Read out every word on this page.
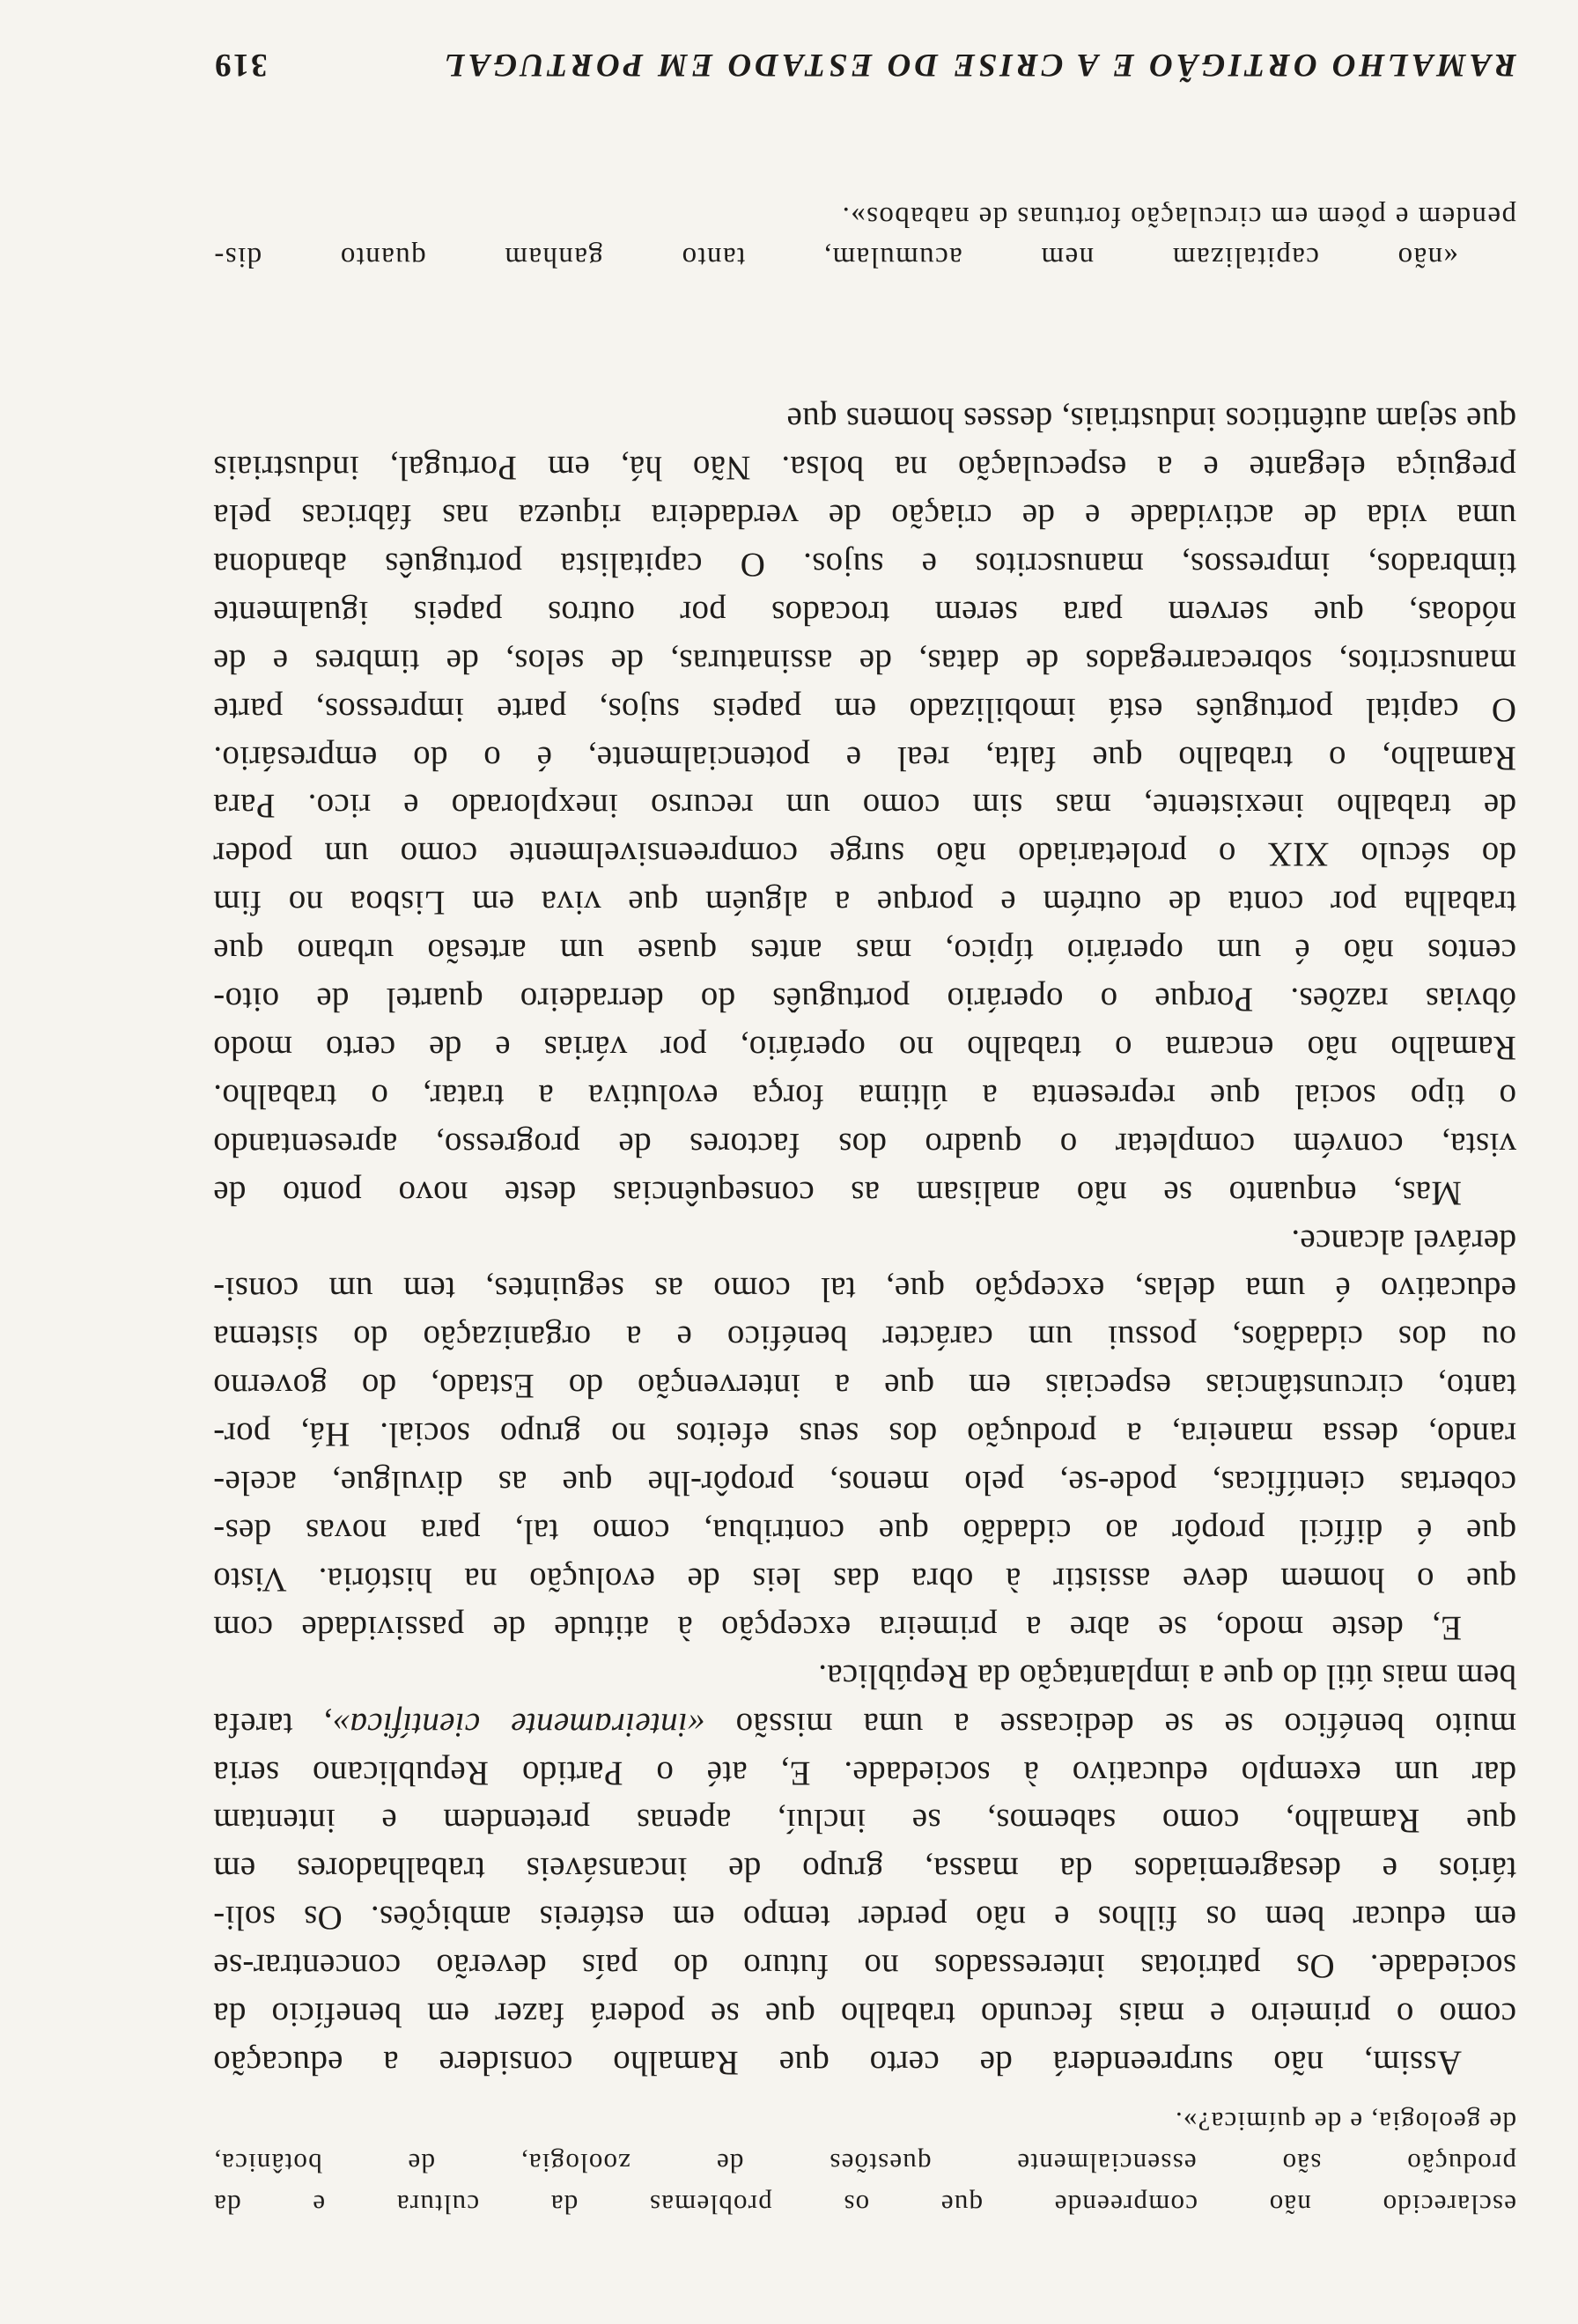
RAMALHO ORTIGÃO E A CRISE DO ESTADO EM PORTUGAL
319
esclarecido não compreende que os problemas da cultura e da
produção são essencialmente questões de zoologia, de botânica,
de geologia, e de química?».

Assim, não surpreenderá de certo que Ramalho considere a educação
como o primeiro e mais fecundo trabalho que se poderá fazer em benefício da
sociedade. Os patriotas interessados no futuro do país deverão concentrar-se
em educar bem os filhos e não perder tempo em estéreis ambições. Os soli-
tários e desagremiados da massa, grupo de incansáveis trabalhadores em
que Ramalho, como sabemos, se incluí, apenas pretendem e intentam
dar um exemplo educativo à sociedade. E, até o Partido Republicano seria
muito benéfico se se dedicasse a uma missão «inteiramente científica», tarefa
bem mais útil do que a implantação da República.

E, deste modo, se abre a primeira excepção à atitude de passividade com
que o homem deve assistir à obra das leis de evolução na história. Visto
que é difícil propôr ao cidadão que contribua, como tal, para novas des-
cobertas científicas, pode-se, pelo menos, propôr-lhe que as divulgue, acele-
rando, dessa maneira, a produção dos seus efeitos no grupo social. Há, por-
tanto, circunstâncias especiais em que a intervenção do Estado, do governo
ou dos cidadãos, possui um carácter benéfico e a organização do sistema
educativo é uma delas, excepção que, tal como as seguintes, tem um consi-
derável alcance.

Mas, enquanto se não analisam as consequências deste novo ponto de
vista, convém completar o quadro dos factores de progresso, apresentando
o tipo social que representa a última força evolutiva a tratar, o trabalho.
Ramalho não encarna o trabalho no operário, por várias e de certo modo
óbvias razões. Porque o operário português do derradeiro quartel de oito-
centos não é um operário típico, mas antes quase um artesão urbano que
trabalha por conta de outrém e porque a alguém que viva em Lisboa no fim
do século XIX o proletariado não surge compreensivelmente como um poder
de trabalho inexistente, mas sim como um recurso inexplorado e rico. Para
Ramalho, o trabalho que falta, real e potencialmente, é o do empresário.
O capital português está imobilizado em papeis sujos, parte impressos, parte
manuscritos, sobrecarregados de datas, de assinaturas, de selos, de timbres e de
nódoas, que servem para serem trocados por outros papeis igualmente
timbrados, impressos, manuscritos e sujos. O capitalista português abandona
uma vida de actividade e de criação de verdadeira riqueza nas fábricas pela
preguiça elegante e a especulação na bolsa. Não há, em Portugal, industriais
que sejam autênticos industriais, desses homens que

«não capitalizam nem acumulam, tanto ganham quanto dis-
pendem e põem em circulação fortunas de nababos».
